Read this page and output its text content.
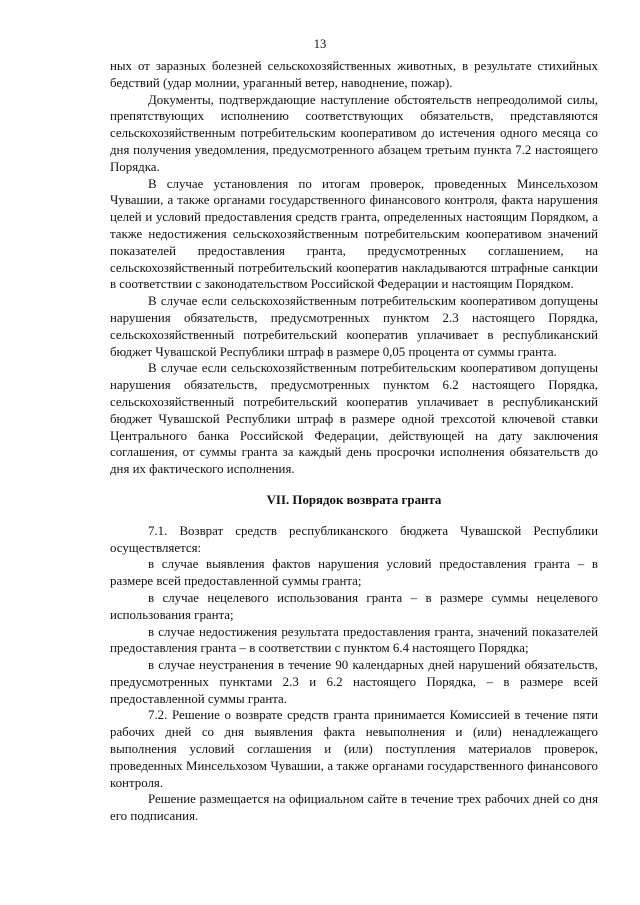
13

ных от заразных болезней сельскохозяйственных животных, в результате стихийных бедствий (удар молнии, ураганный ветер, наводнение, пожар).

Документы, подтверждающие наступление обстоятельств непреодолимой силы, препятствующих исполнению соответствующих обязательств, представляются сельскохозяйственным потребительским кооперативом до истечения одного месяца со дня получения уведомления, предусмотренного абзацем третьим пункта 7.2 настоящего Порядка.

В случае установления по итогам проверок, проведенных Минсельхозом Чувашии, а также органами государственного финансового контроля, факта нарушения целей и условий предоставления средств гранта, определенных настоящим Порядком, а также недостижения сельскохозяйственным потребительским кооперативом значений показателей предоставления гранта, предусмотренных соглашением, на сельскохозяйственный потребительский кооператив накладываются штрафные санкции в соответствии с законодательством Российской Федерации и настоящим Порядком.

В случае если сельскохозяйственным потребительским кооперативом допущены нарушения обязательств, предусмотренных пунктом 2.3 настоящего Порядка, сельскохозяйственный потребительский кооператив уплачивает в республиканский бюджет Чувашской Республики штраф в размере 0,05 процента от суммы гранта.

В случае если сельскохозяйственным потребительским кооперативом допущены нарушения обязательств, предусмотренных пунктом 6.2 настоящего Порядка, сельскохозяйственный потребительский кооператив уплачивает в республиканский бюджет Чувашской Республики штраф в размере одной трехсотой ключевой ставки Центрального банка Российской Федерации, действующей на дату заключения соглашения, от суммы гранта за каждый день просрочки исполнения обязательств до дня их фактического исполнения.

VII. Порядок возврата гранта

7.1. Возврат средств республиканского бюджета Чувашской Республики осуществляется:

в случае выявления фактов нарушения условий предоставления гранта – в размере всей предоставленной суммы гранта;

в случае нецелевого использования гранта – в размере суммы нецелевого использования гранта;

в случае недостижения результата предоставления гранта, значений показателей предоставления гранта – в соответствии с пунктом 6.4 настоящего Порядка;

в случае неустранения в течение 90 календарных дней нарушений обязательств, предусмотренных пунктами 2.3 и 6.2 настоящего Порядка, – в размере всей предоставленной суммы гранта.

7.2. Решение о возврате средств гранта принимается Комиссией в течение пяти рабочих дней со дня выявления факта невыполнения и (или) ненадлежащего выполнения условий соглашения и (или) поступления материалов проверок, проведенных Минсельхозом Чувашии, а также органами государственного финансового контроля.

Решение размещается на официальном сайте в течение трех рабочих дней со дня его подписания.
